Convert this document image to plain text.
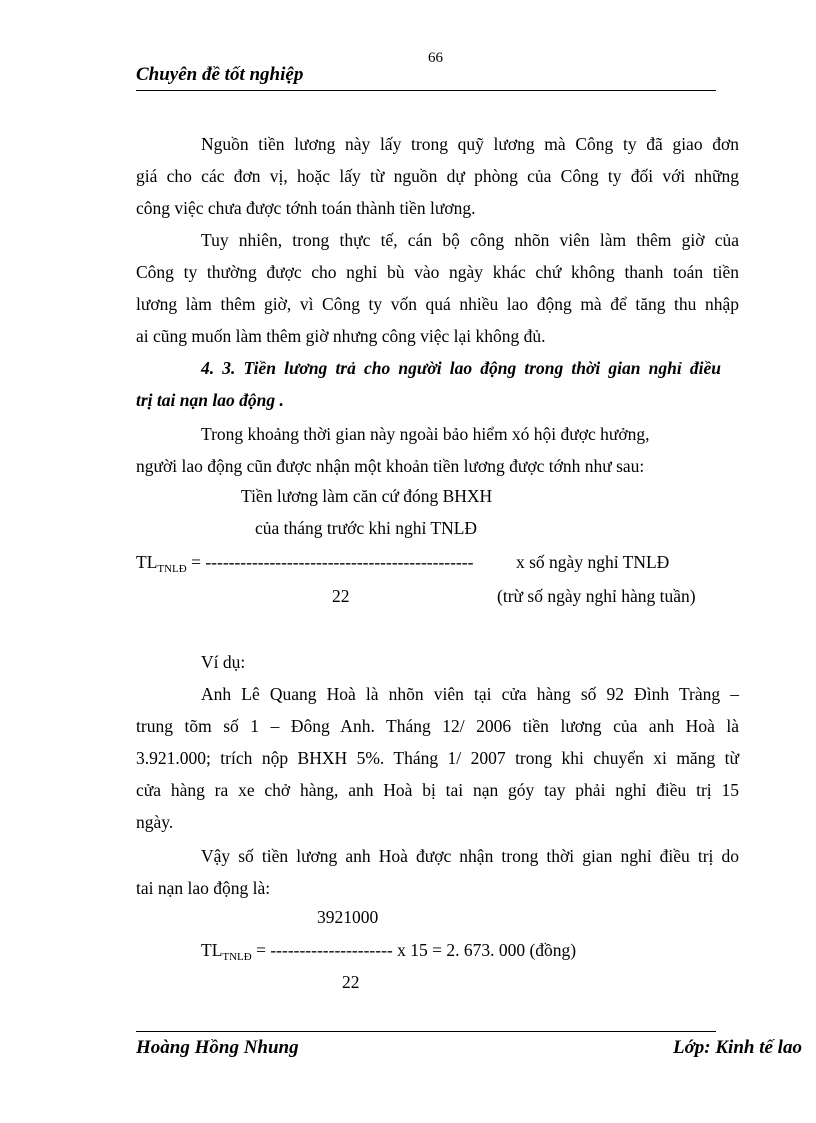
66
Chuyên đề tốt nghiệp
Nguồn tiền lương này lấy trong quỹ lương mà Công ty đã giao đơn
giá cho các đơn vị, hoặc lấy từ nguồn dự phòng của Công ty đối với những
công việc chưa được tớnh toán thành tiền lương.
Tuy nhiên, trong thực tế, cán bộ công nhõn viên làm thêm giờ của
Công ty thường được cho nghỉ bù vào ngày khác chứ không thanh toán tiền
lương làm thêm giờ, vì Công ty vốn quá nhiều lao động mà để tăng thu nhập
ai cũng muốn làm thêm giờ nhưng công việc lại không đủ.
4. 3. Tiền lương trả cho người lao động trong thời gian nghỉ điều
trị tai nạn lao động .
Trong khoảng thời gian này ngoài bảo hiểm xó hội được hưởng,
người lao động cũn được nhận một khoản tiền lương được tớnh như sau:
Tiền lương làm căn cứ đóng BHXH
của tháng trước khi nghỉ TNLĐ
$TL_{TNLĐ}$ = ---------------------------------------------- x số ngày nghỉ TNLĐ
22	(trừ số ngày nghỉ hàng tuần)
Ví dụ:
Anh Lê Quang Hoà là nhõn viên tại cửa hàng số 92 Đình Tràng –
trung tõm số 1 – Đông Anh. Tháng 12/ 2006 tiền lương của anh Hoà là
3.921.000; trích nộp BHXH 5%. Tháng 1/ 2007 trong khi chuyển xi măng từ
cửa hàng ra xe chở hàng, anh Hoà bị tai nạn góy tay phải nghỉ điều trị 15
ngày.
Vậy số tiền lương anh Hoà được nhận trong thời gian nghỉ điều trị do
tai nạn lao động là:
3921000
$TL_{TNLĐ}$ = --------------------- x 15 = 2. 673. 000 (đồng)
22
Hoàng Hồng Nhung	Lớp: Kinh tế lao
